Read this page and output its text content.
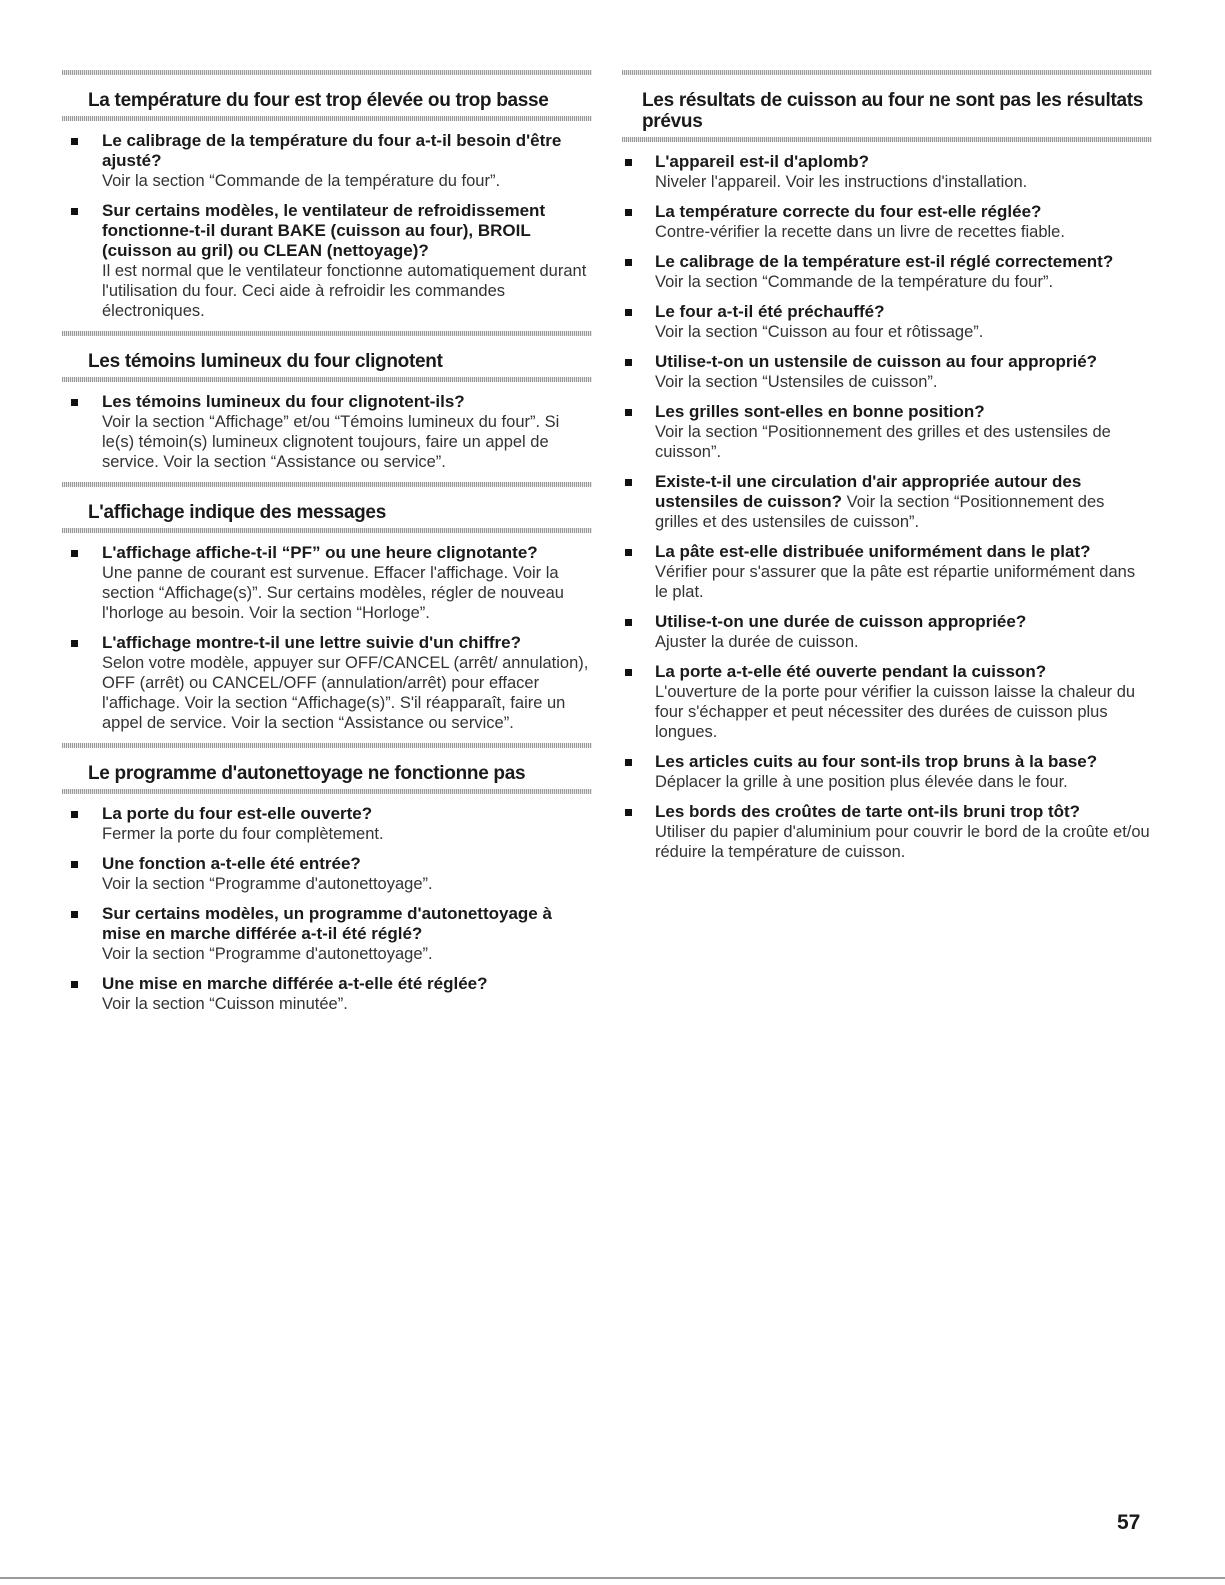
La température du four est trop élevée ou trop basse
Le calibrage de la température du four a-t-il besoin d'être ajusté?
Voir la section “Commande de la température du four”.
Sur certains modèles, le ventilateur de refroidissement fonctionne-t-il durant BAKE (cuisson au four), BROIL (cuisson au gril) ou CLEAN (nettoyage)?
Il est normal que le ventilateur fonctionne automatiquement durant l'utilisation du four. Ceci aide à refroidir les commandes électroniques.
Les témoins lumineux du four clignotent
Les témoins lumineux du four clignotent-ils?
Voir la section “Affichage” et/ou “Témoins lumineux du four”. Si le(s) témoin(s) lumineux clignotent toujours, faire un appel de service. Voir la section “Assistance ou service”.
L'affichage indique des messages
L'affichage affiche-t-il “PF” ou une heure clignotante?
Une panne de courant est survenue. Effacer l'affichage. Voir la section “Affichage(s)”. Sur certains modèles, régler de nouveau l'horloge au besoin. Voir la section “Horloge”.
L'affichage montre-t-il une lettre suivie d'un chiffre?
Selon votre modèle, appuyer sur OFF/CANCEL (arrêt/ annulation), OFF (arrêt) ou CANCEL/OFF (annulation/arrêt) pour effacer l'affichage. Voir la section “Affichage(s)”. S'il réapparaît, faire un appel de service. Voir la section “Assistance ou service”.
Le programme d'autonettoyage ne fonctionne pas
La porte du four est-elle ouverte?
Fermer la porte du four complètement.
Une fonction a-t-elle été entrée?
Voir la section “Programme d'autonettoyage”.
Sur certains modèles, un programme d'autonettoyage à mise en marche différée a-t-il été réglé?
Voir la section “Programme d'autonettoyage”.
Une mise en marche différée a-t-elle été réglée?
Voir la section “Cuisson minutée”.
Les résultats de cuisson au four ne sont pas les résultats prévus
L'appareil est-il d'aplomb?
Niveler l'appareil. Voir les instructions d'installation.
La température correcte du four est-elle réglée?
Contre-vérifier la recette dans un livre de recettes fiable.
Le calibrage de la température est-il réglé correctement?
Voir la section “Commande de la température du four”.
Le four a-t-il été préchauffé?
Voir la section “Cuisson au four et rôtissage”.
Utilise-t-on un ustensile de cuisson au four approprié?
Voir la section “Ustensiles de cuisson”.
Les grilles sont-elles en bonne position?
Voir la section “Positionnement des grilles et des ustensiles de cuisson”.
Existe-t-il une circulation d'air appropriée autour des ustensiles de cuisson? Voir la section “Positionnement des grilles et des ustensiles de cuisson”.
La pâte est-elle distribuée uniformément dans le plat?
Vérifier pour s'assurer que la pâte est répartie uniformément dans le plat.
Utilise-t-on une durée de cuisson appropriée?
Ajuster la durée de cuisson.
La porte a-t-elle été ouverte pendant la cuisson?
L'ouverture de la porte pour vérifier la cuisson laisse la chaleur du four s'échapper et peut nécessiter des durées de cuisson plus longues.
Les articles cuits au four sont-ils trop bruns à la base?
Déplacer la grille à une position plus élevée dans le four.
Les bords des croûtes de tarte ont-ils bruni trop tôt?
Utiliser du papier d'aluminium pour couvrir le bord de la croûte et/ou réduire la température de cuisson.
57
